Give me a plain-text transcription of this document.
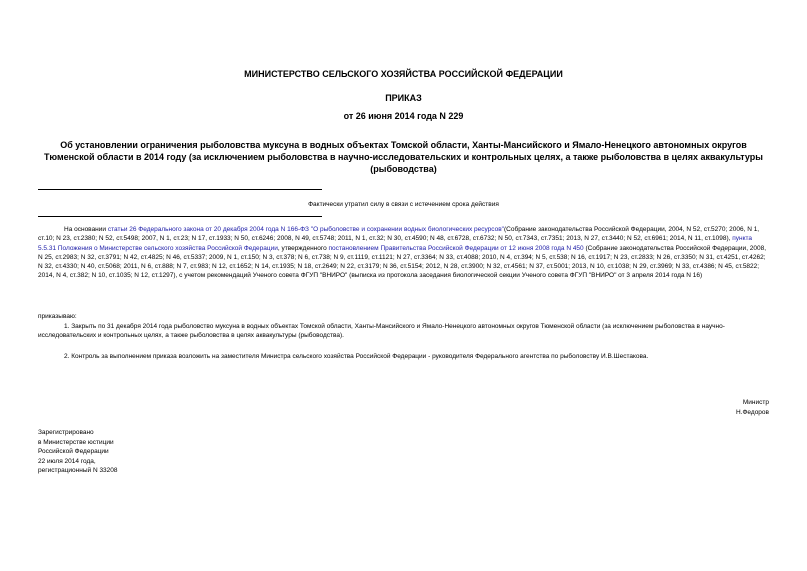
МИНИСТЕРСТВО СЕЛЬСКОГО ХОЗЯЙСТВА РОССИЙСКОЙ ФЕДЕРАЦИИ
ПРИКАЗ
от 26 июня 2014 года N 229
Об установлении ограничения рыболовства муксуна в водных объектах Томской области, Ханты-Мансийского и Ямало-Ненецкого автономных округов Тюменской области в 2014 году (за исключением рыболовства в научно-исследовательских и контрольных целях, а также рыболовства в целях аквакультуры (рыбоводства)
Фактически утратил силу в связи с истечением срока действия
На основании статьи 26 Федерального закона от 20 декабря 2004 года N 166-ФЗ "О рыболовстве и сохранении водных биологических ресурсов"(Собрание законодательства Российской Федерации, 2004, N 52, ст.5270; 2006, N 1, ст.10; N 23, ст.2380; N 52, ст.5498; 2007, N 1, ст.23; N 17, ст.1933; N 50, ст.6246; 2008, N 49, ст.5748; 2011, N 1, ст.32; N 30, ст.4590; N 48, ст.6728, ст.6732; N 50, ст.7343, ст.7351; 2013, N 27, ст.3440; N 52, ст.6961; 2014, N 11, ст.1098), пункта 5.5.31 Положения о Министерстве сельского хозяйства Российской Федерации, утвержденного постановлением Правительства Российской Федерации от 12 июня 2008 года N 450 (Собрание законодательства Российской Федерации, 2008, N 25, ст.2983; N 32, ст.3791; N 42, ст.4825; N 46, ст.5337; 2009, N 1, ст.150; N 3, ст.378; N 6, ст.738; N 9, ст.1119, ст.1121; N 27, ст.3364; N 33, ст.4088; 2010, N 4, ст.394; N 5, ст.538; N 16, ст.1917; N 23, ст.2833; N 26, ст.3350; N 31, ст.4251, ст.4262; N 32, ст.4330; N 40, ст.5068; 2011, N 6, ст.888; N 7, ст.983; N 12, ст.1652; N 14, ст.1935; N 18, ст.2649; N 22, ст.3179; N 36, ст.5154; 2012, N 28, ст.3900; N 32, ст.4561; N 37, ст.5001; 2013, N 10, ст.1038; N 29, ст.3969; N 33, ст.4386; N 45, ст.5822; 2014, N 4, ст.382; N 10, ст.1035; N 12, ст.1297), с учетом рекомендаций Ученого совета ФГУП "ВНИРО" (выписка из протокола заседания биологической секции Ученого совета ФГУП "ВНИРО" от 3 апреля 2014 года N 16)
приказываю:
1. Закрыть по 31 декабря 2014 года рыболовство муксуна в водных объектах Томской области, Ханты-Мансийского и Ямало-Ненецкого автономных округов Тюменской области (за исключением рыболовства в научно-исследовательских и контрольных целях, а также рыболовства в целях аквакультуры (рыбоводства).
2. Контроль за выполнением приказа возложить на заместителя Министра сельского хозяйства Российской Федерации - руководителя Федерального агентства по рыболовству И.В.Шестакова.
Министр
Н.Федоров
Зарегистрировано
в Министерстве юстиции
Российской Федерации
22 июля 2014 года,
регистрационный N 33208
